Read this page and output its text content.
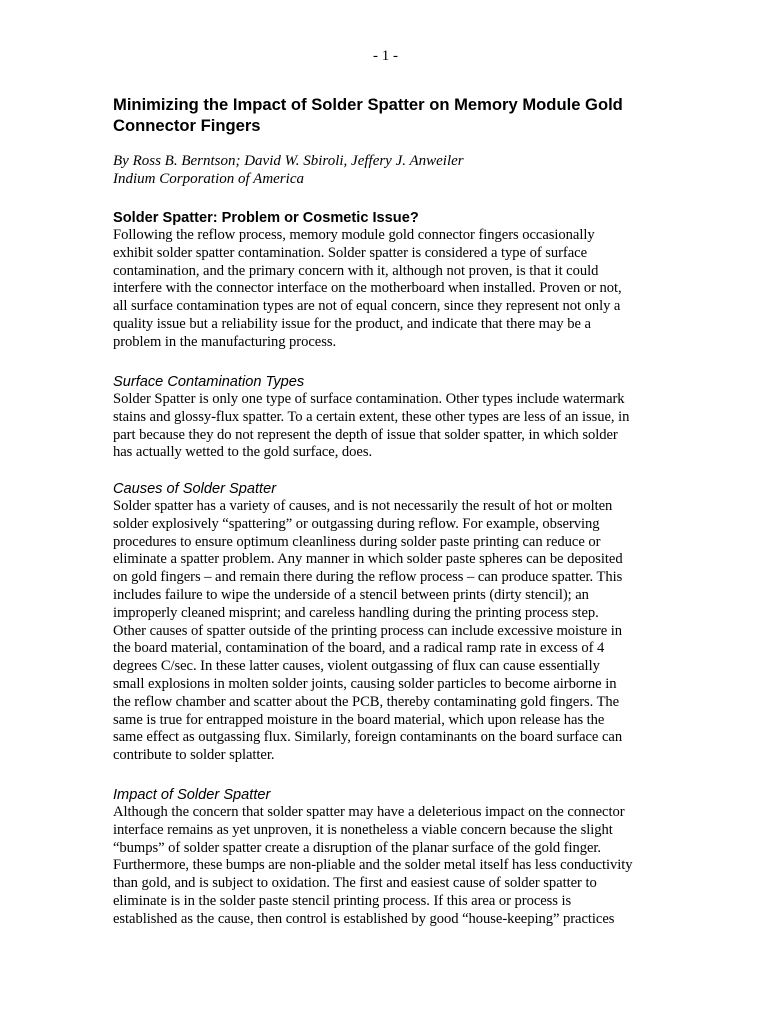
- 1 -
Minimizing the Impact of Solder Spatter on Memory Module Gold
Connector Fingers
By Ross B. Berntson; David W. Sbiroli, Jeffery J. Anweiler
Indium Corporation of America
Solder Spatter: Problem or Cosmetic Issue?

Following the reflow process, memory module gold connector fingers occasionally
exhibit solder spatter contamination. Solder spatter is considered a type of surface
contamination, and the primary concern with it, although not proven, is that it could
interfere with the connector interface on the motherboard when installed. Proven or not,
all surface contamination types are not of equal concern, since they represent not only a
quality issue but a reliability issue for the product, and indicate that there may be a
problem in the manufacturing process.

Surface Contamination Types

Solder Spatter is only one type of surface contamination. Other types include watermark
stains and glossy-flux spatter. To a certain extent, these other types are less of an issue, in
part because they do not represent the depth of issue that solder spatter, in which solder
has actually wetted to the gold surface, does.

Causes of Solder Spatter

Solder spatter has a variety of causes, and is not necessarily the result of hot or molten
solder explosively “spattering” or outgassing during reflow. For example, observing
procedures to ensure optimum cleanliness during solder paste printing can reduce or
eliminate a spatter problem. Any manner in which solder paste spheres can be deposited
on gold fingers – and remain there during the reflow process – can produce spatter. This
includes failure to wipe the underside of a stencil between prints (dirty stencil); an
improperly cleaned misprint; and careless handling during the printing process step.
Other causes of spatter outside of the printing process can include excessive moisture in
the board material, contamination of the board, and a radical ramp rate in excess of 4
degrees C/sec. In these latter causes, violent outgassing of flux can cause essentially
small explosions in molten solder joints, causing solder particles to become airborne in
the reflow chamber and scatter about the PCB, thereby contaminating gold fingers. The
same is true for entrapped moisture in the board material, which upon release has the
same effect as outgassing flux. Similarly, foreign contaminants on the board surface can
contribute to solder splatter.

Impact of Solder Spatter

Although the concern that solder spatter may have a deleterious impact on the connector
interface remains as yet unproven, it is nonetheless a viable concern because the slight
“bumps” of solder spatter create a disruption of the planar surface of the gold finger.
Furthermore, these bumps are non-pliable and the solder metal itself has less conductivity
than gold, and is subject to oxidation. The first and easiest cause of solder spatter to
eliminate is in the solder paste stencil printing process. If this area or process is
established as the cause, then control is established by good “house-keeping” practices
